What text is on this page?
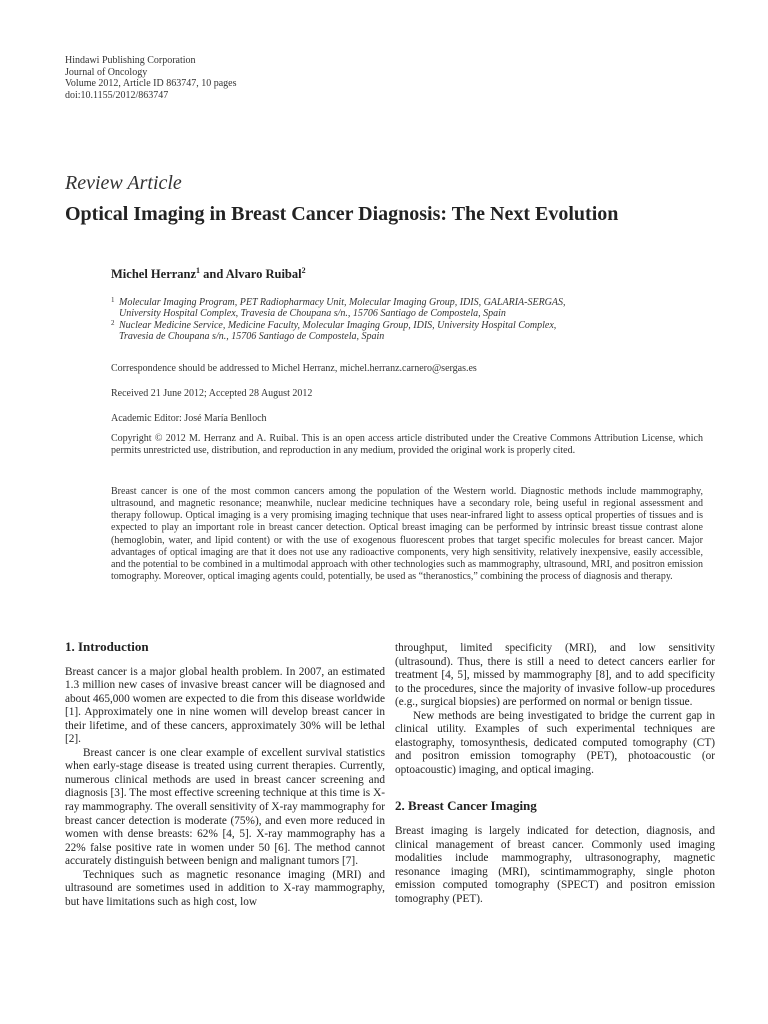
Hindawi Publishing Corporation
Journal of Oncology
Volume 2012, Article ID 863747, 10 pages
doi:10.1155/2012/863747
Review Article
Optical Imaging in Breast Cancer Diagnosis: The Next Evolution
Michel Herranz$^1$ and Alvaro Ruibal$^2$
1 Molecular Imaging Program, PET Radiopharmacy Unit, Molecular Imaging Group, IDIS, GALARIA-SERGAS,
University Hospital Complex, Travesia de Choupana s/n., 15706 Santiago de Compostela, Spain
2 Nuclear Medicine Service, Medicine Faculty, Molecular Imaging Group, IDIS, University Hospital Complex,
Travesia de Choupana s/n., 15706 Santiago de Compostela, Spain
Correspondence should be addressed to Michel Herranz, michel.herranz.carnero@sergas.es
Received 21 June 2012; Accepted 28 August 2012
Academic Editor: José María Benlloch
Copyright © 2012 M. Herranz and A. Ruibal. This is an open access article distributed under the Creative Commons Attribution License, which permits unrestricted use, distribution, and reproduction in any medium, provided the original work is properly cited.
Breast cancer is one of the most common cancers among the population of the Western world. Diagnostic methods include mammography, ultrasound, and magnetic resonance; meanwhile, nuclear medicine techniques have a secondary role, being useful in regional assessment and therapy followup. Optical imaging is a very promising imaging technique that uses near-infrared light to assess optical properties of tissues and is expected to play an important role in breast cancer detection. Optical breast imaging can be performed by intrinsic breast tissue contrast alone (hemoglobin, water, and lipid content) or with the use of exogenous fluorescent probes that target specific molecules for breast cancer. Major advantages of optical imaging are that it does not use any radioactive components, very high sensitivity, relatively inexpensive, easily accessible, and the potential to be combined in a multimodal approach with other technologies such as mammography, ultrasound, MRI, and positron emission tomography. Moreover, optical imaging agents could, potentially, be used as “theranostics,” combining the process of diagnosis and therapy.
1. Introduction

Breast cancer is a major global health problem. In 2007, an estimated 1.3 million new cases of invasive breast cancer will be diagnosed and about 465,000 women are expected to die from this disease worldwide [1]. Approximately one in nine women will develop breast cancer in their lifetime, and of these cancers, approximately 30% will be lethal [2].

Breast cancer is one clear example of excellent survival statistics when early-stage disease is treated using current therapies. Currently, numerous clinical methods are used in breast cancer screening and diagnosis [3]. The most effective screening technique at this time is X-ray mammography. The overall sensitivity of X-ray mammography for breast cancer detection is moderate (75%), and even more reduced in women with dense breasts: 62% [4, 5]. X-ray mammography has a 22% false positive rate in women under 50 [6]. The method cannot accurately distinguish between benign and malignant tumors [7].

Techniques such as magnetic resonance imaging (MRI) and ultrasound are sometimes used in addition to X-ray mammography, but have limitations such as high cost, low

throughput, limited specificity (MRI), and low sensitivity (ultrasound). Thus, there is still a need to detect cancers earlier for treatment [4, 5], missed by mammography [8], and to add specificity to the procedures, since the majority of invasive follow-up procedures (e.g., surgical biopsies) are performed on normal or benign tissue.

New methods are being investigated to bridge the current gap in clinical utility. Examples of such experimental techniques are elastography, tomosynthesis, dedicated computed tomography (CT) and positron emission tomography (PET), photoacoustic (or optoacoustic) imaging, and optical imaging.

2. Breast Cancer Imaging

Breast imaging is largely indicated for detection, diagnosis, and clinical management of breast cancer. Commonly used imaging modalities include mammography, ultrasonography, magnetic resonance imaging (MRI), scintimammography, single photon emission computed tomography (SPECT) and positron emission tomography (PET).
